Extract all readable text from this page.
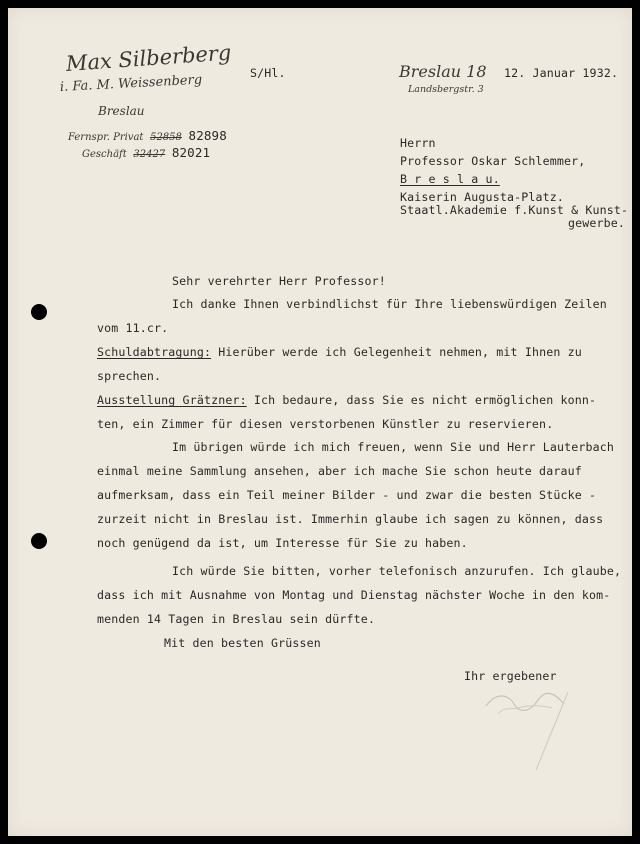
Max Silberberg
i. Fa. M. Weissenberg
Breslau
Fernspr. Privat 52858 82898
Geschäft 32427 82021
S/Hl.	Breslau 18
Landsbergstr. 3
12. Januar 1932.
Herrn
Professor Oskar Schlemmer,
B r e s l a u.
Kaiserin Augusta-Platz.
Staatl.Akademie f.Kunst & Kunst-
gewerbe.
Sehr verehrter Herr Professor!
Ich danke Ihnen verbindlichst für Ihre liebenswürdigen Zeilen
vom 11.cr.
Schuldabtragung: Hierüber werde ich Gelegenheit nehmen, mit Ihnen zu
sprechen.
Ausstellung Grätzner: Ich bedaure, dass Sie es nicht ermöglichen konn-
ten, ein Zimmer für diesen verstorbenen Künstler zu reservieren.
Im übrigen würde ich mich freuen, wenn Sie und Herr Lauterbach
einmal meine Sammlung ansehen, aber ich mache Sie schon heute darauf
aufmerksam, dass ein Teil meiner Bilder - und zwar die besten Stücke -
zurzeit nicht in Breslau ist. Immerhin glaube ich sagen zu können, dass
noch genügend da ist, um Interesse für Sie zu haben.
Ich würde Sie bitten, vorher telefonisch anzurufen. Ich glaube,
dass ich mit Ausnahme von Montag und Dienstag nächster Woche in den kom-
menden 14 Tagen in Breslau sein dürfte.
Mit den besten Grüssen
Ihr ergebener
